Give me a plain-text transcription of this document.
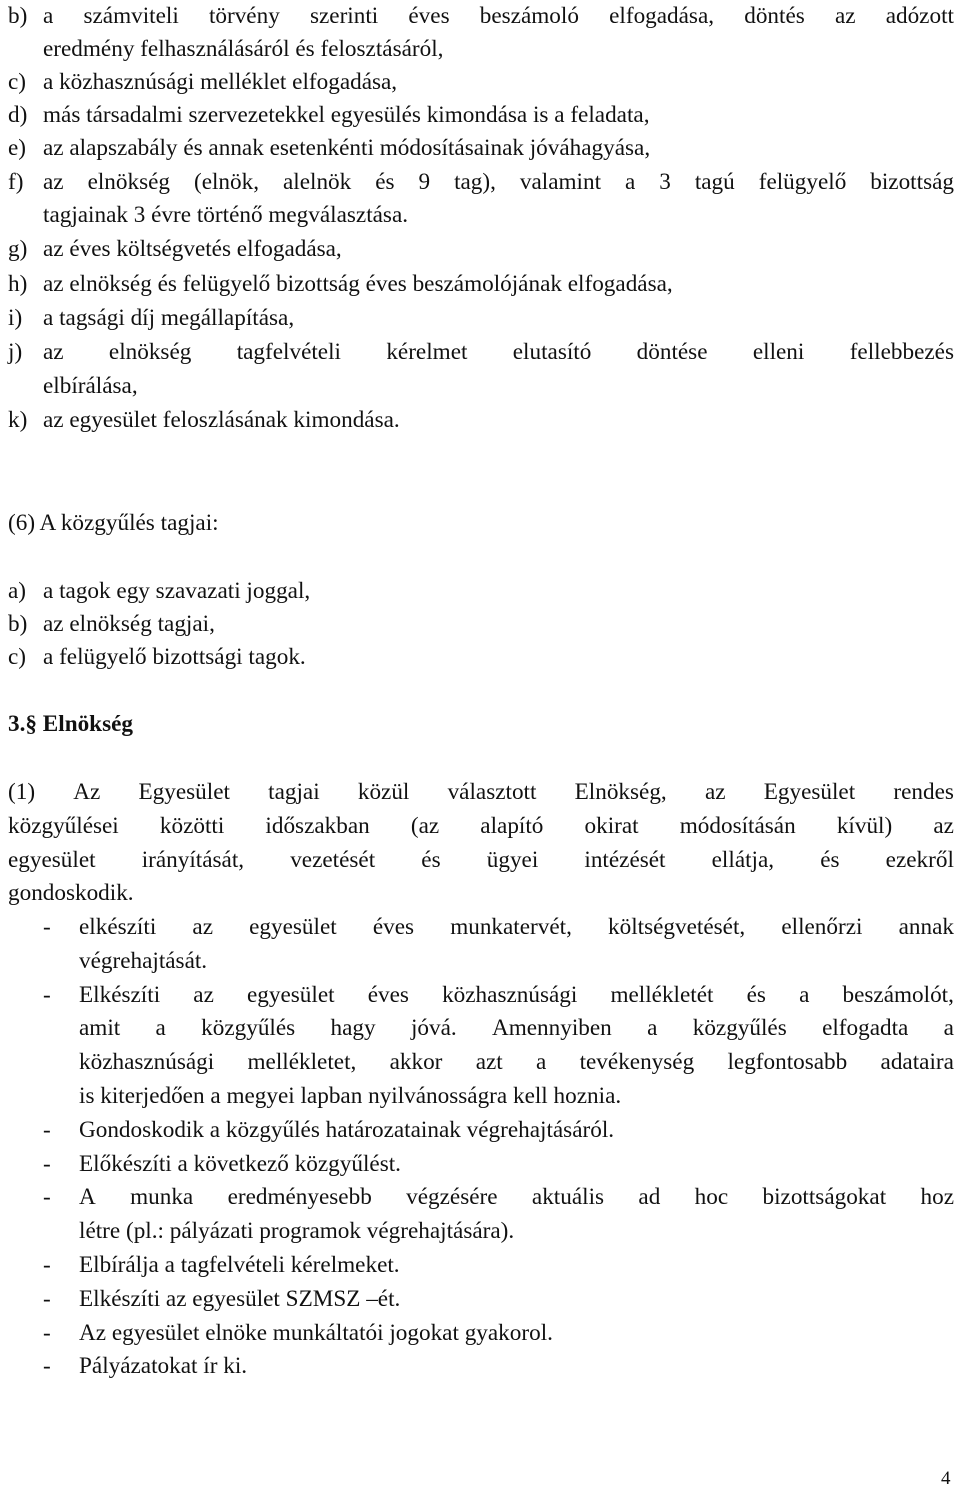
b) a számviteli törvény szerinti éves beszámoló elfogadása, döntés az adózott
eredmény felhasználásáról és felosztásáról,
c) a közhasznúsági melléklet elfogadása,
d) más társadalmi szervezetekkel egyesülés kimondása is a feladata,
e) az alapszabály és annak esetenkénti módosításainak jóváhagyása,
f) az elnökség (elnök, alelnök és 9 tag), valamint a 3 tagú felügyelő bizottság
tagjainak 3 évre történő megválasztása.
g) az éves költségvetés elfogadása,
h) az elnökség és felügyelő bizottság éves beszámolójának elfogadása,
i) a tagsági díj megállapítása,
j) az elnökség tagfelvételi kérelmet elutasító döntése elleni fellebbezés
elbírálása,
k) az egyesület feloszlásának kimondása.
(6) A közgyűlés tagjai:
a) a tagok egy szavazati joggal,
b) az elnökség tagjai,
c) a felügyelő bizottsági tagok.
3.§ Elnökség
(1) Az Egyesület tagjai közül választott Elnökség, az Egyesület rendes
közgyűlései közötti időszakban (az alapító okirat módosításán kívül) az
egyesület irányítását, vezetését és ügyei intézését ellátja, és ezekről
gondoskodik.
- elkészíti az egyesület éves munkatervét, költségvetését, ellenőrzi annak
végrehajtását.
- Elkészíti az egyesület éves közhasznúsági mellékletét és a beszámolót,
amit a közgyűlés hagy jóvá. Amennyiben a közgyűlés elfogadta a
közhasznúsági mellékletet, akkor azt a tevékenység legfontosabb adataira
is kiterjedően a megyei lapban nyilvánosságra kell hoznia.
- Gondoskodik a közgyűlés határozatainak végrehajtásáról.
- Előkészíti a következő közgyűlést.
- A munka eredményesebb végzésére aktuális ad hoc bizottságokat hoz
létre (pl.: pályázati programok végrehajtására).
- Elbírálja a tagfelvételi kérelmeket.
- Elkészíti az egyesület SZMSZ –ét.
- Az egyesület elnöke munkáltatói jogokat gyakorol.
- Pályázatokat ír ki.
4
